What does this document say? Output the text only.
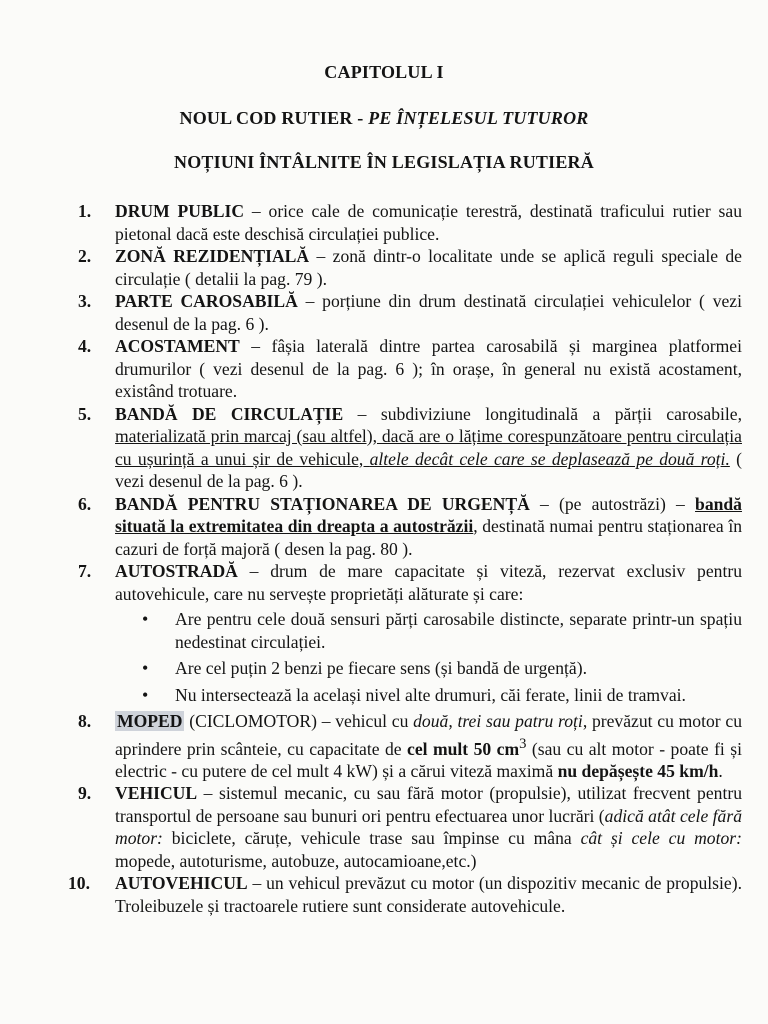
CAPITOLUL I
NOUL COD RUTIER - PE ÎNȚELESUL TUTUROR
NOȚIUNI ÎNTÂLNITE ÎN LEGISLAȚIA RUTIERĂ
1. DRUM PUBLIC – orice cale de comunicație terestră, destinată traficului rutier sau pietonal dacă este deschisă circulației publice.
2. ZONĂ REZIDENȚIALĂ – zonă dintr-o localitate unde se aplică reguli speciale de circulație ( detalii la pag. 79 ).
3. PARTE CAROSABILĂ – porțiune din drum destinată circulației vehiculelor ( vezi desenul de la pag. 6 ).
4. ACOSTAMENT – fâșia laterală dintre partea carosabilă și marginea platformei drumurilor ( vezi desenul de la pag. 6 ); în orașe, în general nu există acostament, existând trotuare.
5. BANDĂ DE CIRCULAȚIE – subdiviziune longitudinală a părții carosabile, materializată prin marcaj (sau altfel), dacă are o lățime corespunzătoare pentru circulația cu ușurință a unui șir de vehicule, altele decât cele care se deplasează pe două roți. ( vezi desenul de la pag. 6 ).
6. BANDĂ PENTRU STAȚIONAREA DE URGENȚĂ – (pe autostrăzi) – bandă situată la extremitatea din dreapta a autostrăzii, destinată numai pentru staționarea în cazuri de forță majoră ( desen la pag. 80 ).
7. AUTOSTRADĂ – drum de mare capacitate și viteză, rezervat exclusiv pentru autovehicule, care nu servește proprietăți alăturate și care:
• Are pentru cele două sensuri părți carosabile distincte, separate printr-un spațiu nedestinat circulației.
• Are cel puțin 2 benzi pe fiecare sens (și bandă de urgență).
• Nu intersectează la același nivel alte drumuri, căi ferate, linii de tramvai.
8. MOPED (CICLOMOTOR) – vehicul cu două, trei sau patru roți, prevăzut cu motor cu aprindere prin scânteie, cu capacitate de cel mult 50 $cm^3$ (sau cu alt motor - poate fi și electric - cu putere de cel mult 4 kW) și a cărui viteză maximă nu depășește 45 km/h.
9. VEHICUL – sistemul mecanic, cu sau fără motor (propulsie), utilizat frecvent pentru transportul de persoane sau bunuri ori pentru efectuarea unor lucrări (adică atât cele fără motor: biciclete, căruțe, vehicule trase sau împinse cu mâna cât și cele cu motor: mopede, autoturisme, autobuze, autocamioane,etc.)
10. AUTOVEHICUL – un vehicul prevăzut cu motor (un dispozitiv mecanic de propulsie). Troleibuzele și tractoarele rutiere sunt considerate autovehicule.
